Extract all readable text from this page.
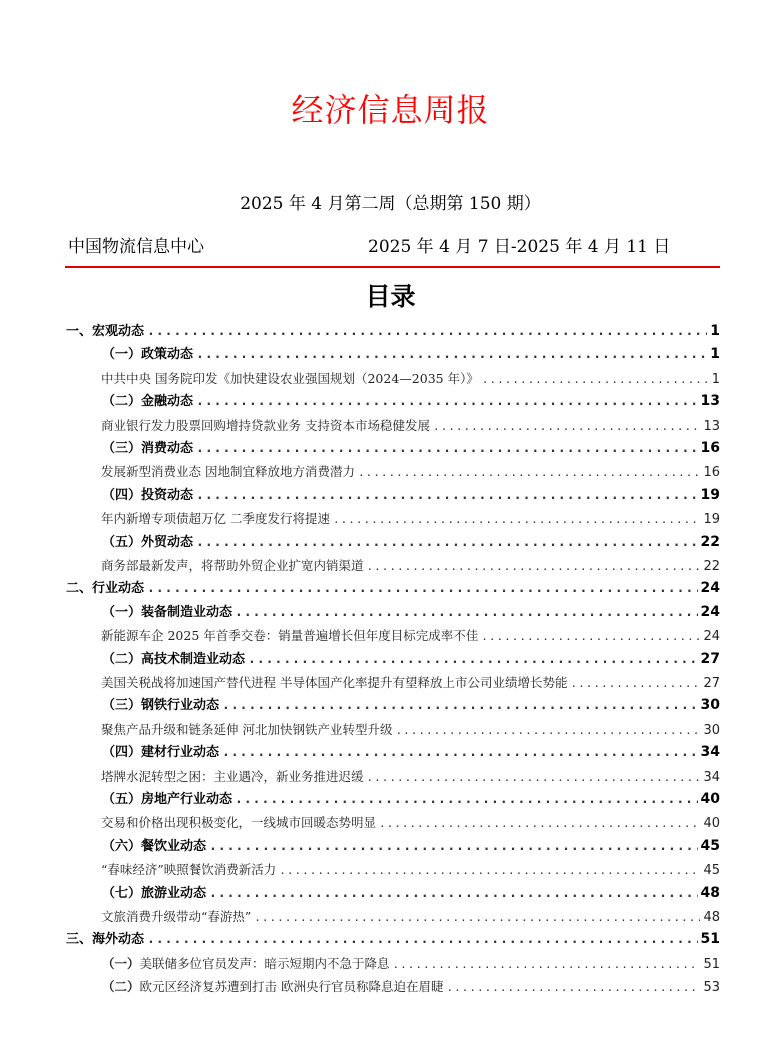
经济信息周报
2025 年 4 月第二周（总期第 150 期）
中国物流信息中心	2025 年 4 月 7 日-2025 年 4 月 11 日
目录
一、宏观动态 .....	1
（一）政策动态 .....	1
中共中央 国务院印发《加快建设农业强国规划（2024—2035 年）》 .....	1
（二）金融动态 .....	13
商业银行发力股票回购增持贷款业务 支持资本市场稳健发展 .....	13
（三）消费动态 .....	16
发展新型消费业态 因地制宜释放地方消费潜力 .....	16
（四）投资动态 .....	19
年内新增专项债超万亿 二季度发行将提速 .....	19
（五）外贸动态 .....	22
商务部最新发声，将帮助外贸企业扩宽内销渠道 .....	22
二、行业动态 .....	24
（一）装备制造业动态 .....	24
新能源车企 2025 年首季交卷：销量普遍增长但年度目标完成率不佳 .....	24
（二）高技术制造业动态 .....	27
美国关税战将加速国产替代进程 半导体国产化率提升有望释放上市公司业绩增长势能 .....	27
（三）钢铁行业动态 .....	30
聚焦产品升级和链条延伸 河北加快钢铁产业转型升级 .....	30
（四）建材行业动态 .....	34
塔牌水泥转型之困：主业遇冷，新业务推进迟缓 .....	34
（五）房地产行业动态 .....	40
交易和价格出现积极变化，一线城市回暖态势明显 .....	40
（六）餐饮业动态 .....	45
“春味经济”映照餐饮消费新活力 .....	45
（七）旅游业动态 .....	48
文旅消费升级带动“春游热” .....	48
三、海外动态 .....	51
（一）美联储多位官员发声：暗示短期内不急于降息 .....	51
（二）欧元区经济复苏遭到打击 欧洲央行官员称降息迫在眉睫 .....	53
